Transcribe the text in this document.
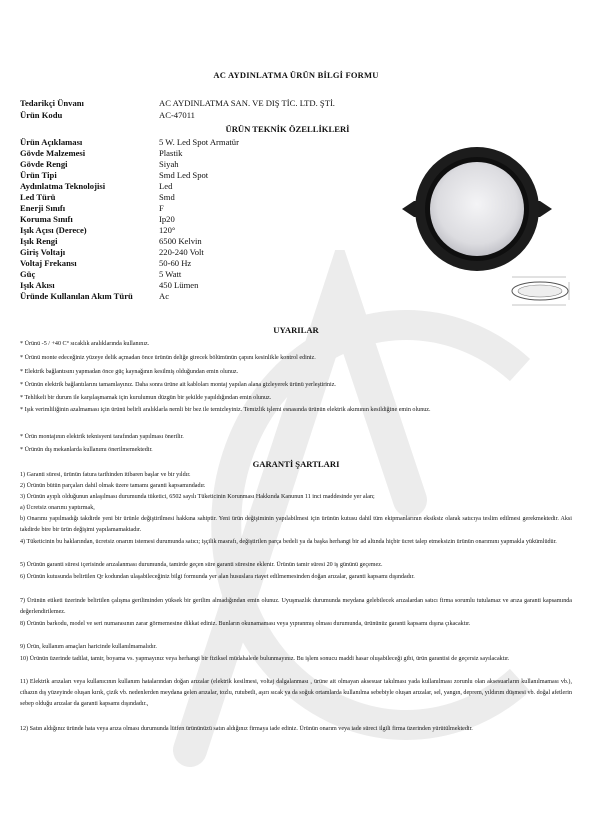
AC AYDINLATMA ÜRÜN BİLGİ FORMU
Tedarikçi Ünvanı	AC AYDINLATMA SAN. VE DIŞ TİC. LTD. ŞTİ.
Ürün Kodu	AC-47011
ÜRÜN TEKNİK ÖZELLİKLERİ
Ürün Açıklaması	5 W. Led Spot Armatür
Gövde Malzemesi	Plastik
Gövde Rengi	Siyah
Ürün Tipi	Smd Led Spot
Aydınlatma Teknolojisi	Led
Led Türü	Smd
Enerji Sınıfı	F
Koruma Sınıfı	Ip20
Işık Açısı (Derece)	120°
Işık Rengi	6500 Kelvin
Giriş Voltajı	220-240 Volt
Voltaj Frekansı	50-60 Hz
Güç	5 Watt
Işık Akısı	450 Lümen
Üründe Kullanılan Akım Türü	Ac
UYARILAR
* Ürünü -5 / +40 C° sıcaklık aralıklarında kullanınız.
* Ürünü monte edeceğiniz yüzeye delik açmadan önce ürünün deliğe girecek bölümünün çapını kesinlikle kontrol ediniz.
* Elektrik bağlantısını yapmadan önce güç kaynağının kesilmiş olduğundan emin olunuz.
* Ürünün elektrik bağlantılarını tamamlayınız. Daha sonra ürüne ait kabloları montaj yapılan alana gizleyerek ürünü yerleştiriniz.
* Tehlikeli bir durum ile karşılaşmamak için kurulumun düzgün bir şekilde yapıldığından emin olunuz.
* Işık verimliliğinin azalmaması için ürünü belirli aralıklarla nemli bir bez ile temizleyiniz. Temizlik işlemi esnasında ürünün elektrik akımının kesildiğine emin olunuz.
* Ürün montajının elektrik teknisyeni tarafından yapılması önerilir.
* Ürünün dış mekanlarda kullanımı önerilmemektedir.
GARANTİ ŞARTLARI
1) Garanti süresi, ürünün fatura tarihinden itibaren başlar ve bir yıldır.
2) Ürünün bütün parçaları dahil olmak üzere tamamı garanti kapsamındadır.
3) Ürünün ayıplı olduğunun anlaşılması durumunda tüketici, 6502 sayılı Tüketicinin Korunması Hakkında Kanunun 11 inci maddesinde yer alan;
a) Ücretsiz onarımı yaptırmak,
b) Onarımı yapılmadığı takdirde yeni bir ürünle değiştirilmesi hakkına sahiptir. Yeni ürün değişiminin yapılabilmesi için ürünün kutusu dahil tüm ekipmanlarının eksiksiz olarak satıcıya teslim edilmesi gerekmektedir. Aksi takdirde bire bir ürün değişimi yapılamamaktadır.
4) Tüketicinin bu haklarından, ücretsiz onarım istemesi durumunda satıcı; işçilik masrafı, değiştirilen parça bedeli ya da başka herhangi bir ad altında hiçbir ücret talep etmeksizin ürünün onarımını yapmakla yükümlüdür.
5) Ürünün garanti süresi içerisinde arızalanması durumunda, tamirde geçen süre garanti süresine eklenir. Ürünün tamir süresi 20 iş gününü geçemez.
6) Ürünün kutusunda belirtilen Qr kodundan ulaşabileceğiniz bilgi formunda yer alan hususlara riayet edilmemesinden doğan arızalar, garanti kapsamı dışındadır.
7) Ürünün etiketi üzerinde belirtilen çalışma geriliminden yüksek bir gerilim almadığından emin olunuz. Uyuşmazlık durumunda meydana gelebilecek arızalardan satıcı firma sorumlu tutulamaz ve arıza garanti kapsamında değerlendirilemez.
8) Ürünün barkodu, model ve seri numarasının zarar görmemesine dikkat ediniz. Bunların okunamaması veya yıpranmış olması durumunda, ürününüz garanti kapsamı dışına çıkacaktır.
9) Ürün, kullanım amaçları haricinde kullanılmamalıdır.
10) Ürünün üzerinde tadilat, tamir, boyama vs. yapmayınız veya herhangi bir fiziksel müdahalede bulunmayınız. Bu işlem sonucu maddi hasar oluşabileceği gibi, ürün garantisi de geçersiz sayılacaktır.
11) Elektrik arızaları veya kullanıcının kullanım hatalarından doğan arızalar (elektrik kesilmesi, voltaj dalgalanması , ürüne ait olmayan aksesuar takılması yada kullanılması zorunlu olan aksesuarların kullanılmaması vb.), cihazın dış yüzeyinde oluşan kırık, çizik vb. nedenlerden meydana gelen arızalar, tozlu, rutubetli, aşırı sıcak ya da soğuk ortamlarda kullanılma sebebiyle oluşan arızalar, sel, yangın, deprem, yıldırım düşmesi vb. doğal afetlerin sebep olduğu arızalar da garanti kapsamı dışındadır.,
12) Satın aldığınız üründe hata veya arıza olması durumunda lütfen ürününüzü satın aldığınız firmaya iade ediniz. Ürünün onarım veya iade süreci ilgili firma üzerinden yürütülmektedir.
